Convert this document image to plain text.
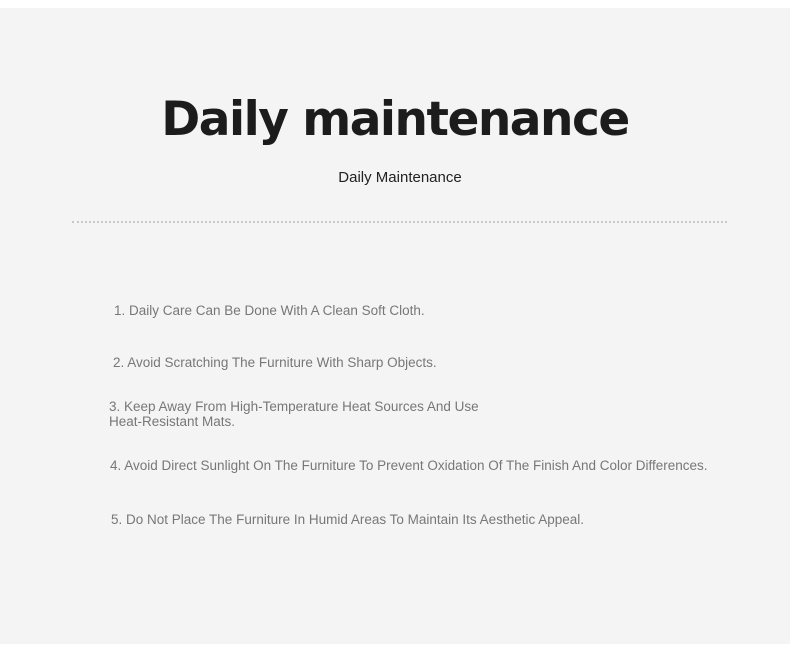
Daily maintenance
Daily Maintenance
1. Daily Care Can Be Done With A Clean Soft Cloth.
2. Avoid Scratching The Furniture With Sharp Objects.
3. Keep Away From High-Temperature Heat Sources And Use Heat-Resistant Mats.
4. Avoid Direct Sunlight On The Furniture To Prevent Oxidation Of The Finish And Color Differences.
5. Do Not Place The Furniture In Humid Areas To Maintain Its Aesthetic Appeal.
